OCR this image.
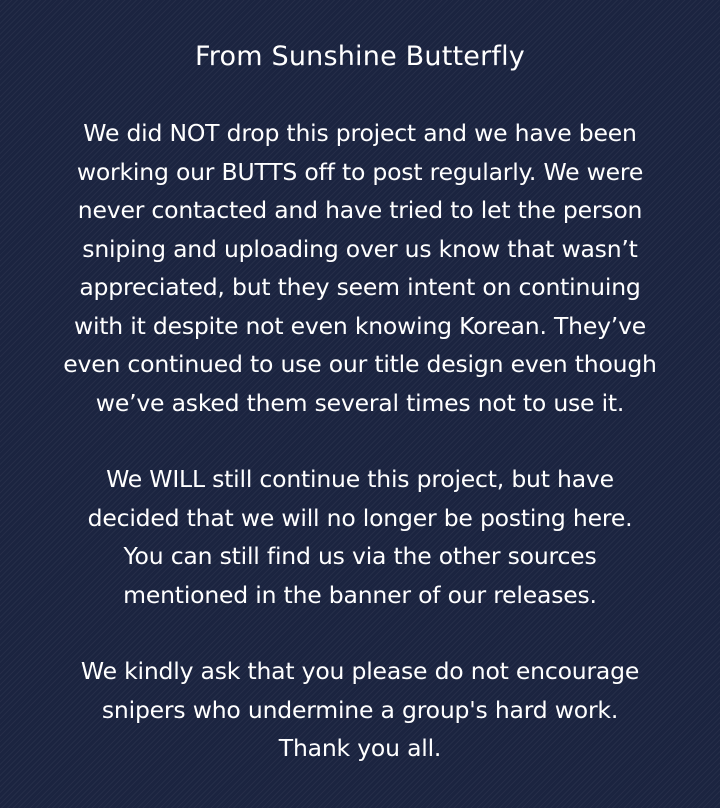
From Sunshine Butterfly
We did NOT drop this project and we have been
working our BUTTS off to post regularly. We were
never contacted and have tried to let the person
sniping and uploading over us know that wasn’t
appreciated, but they seem intent on continuing
with it despite not even knowing Korean. They’ve
even continued to use our title design even though
we’ve asked them several times not to use it.
We WILL still continue this project, but have
decided that we will no longer be posting here.
You can still find us via the other sources
mentioned in the banner of our releases.
We kindly ask that you please do not encourage
snipers who undermine a group's hard work.
Thank you all.
